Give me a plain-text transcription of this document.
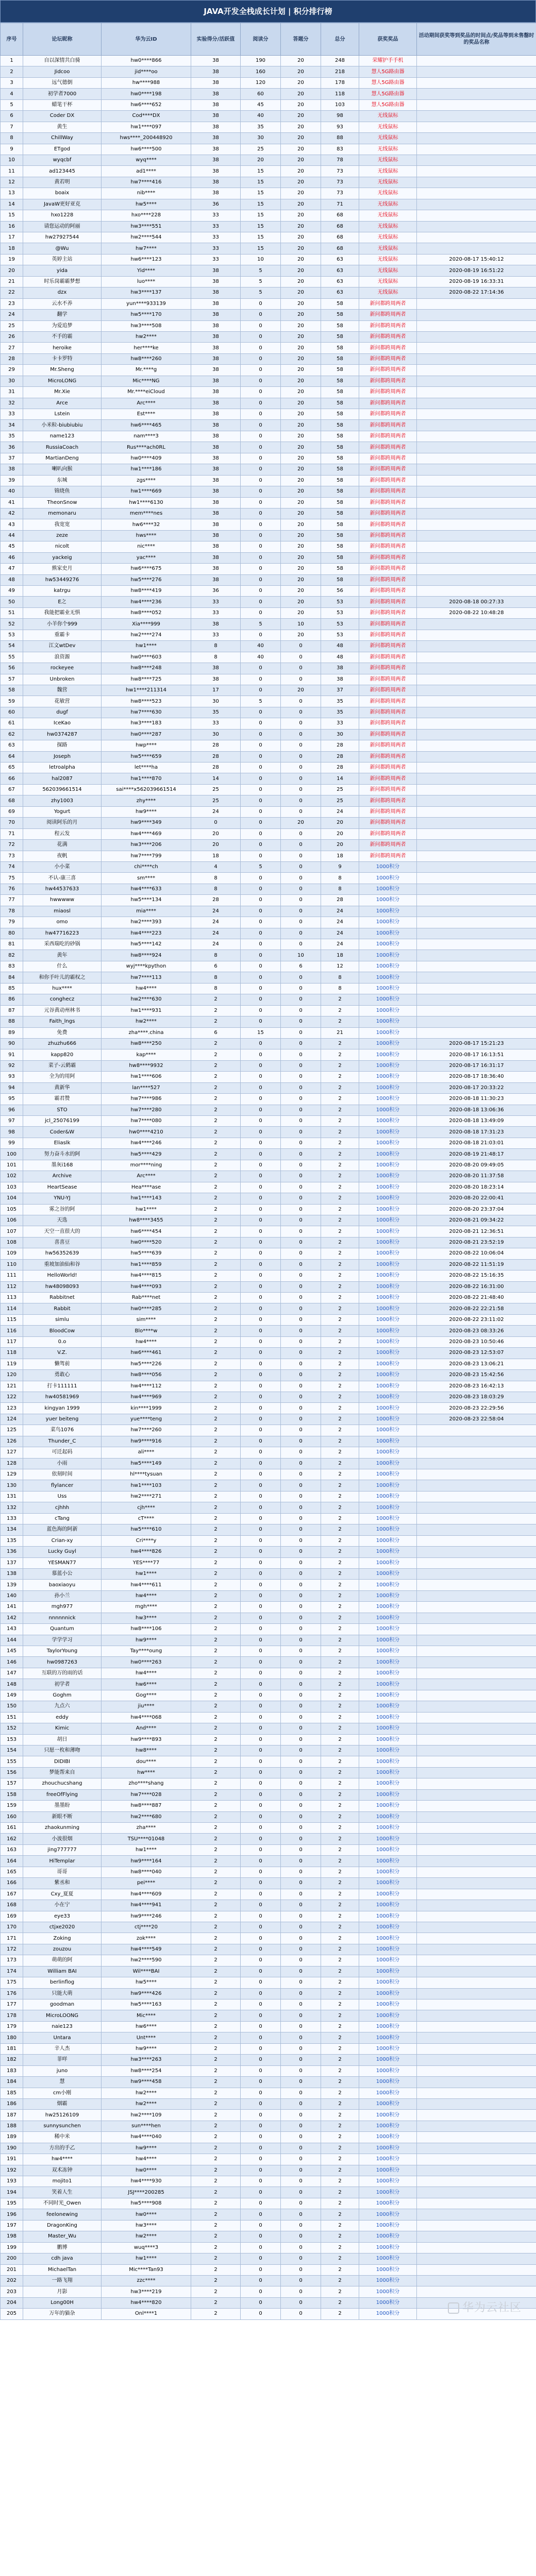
JAVA开发全栈成长计划 | 积分排行榜
序号	论坛昵称	华为云ID	实验得分/活跃值	阅读分	答题分	总分	获奖奖品	活动期间获奖等到奖品的时间点/奖品等到未售罄时的奖品名称
1	自以深情共白骑	hw0****866	38	190	20	248	荣耀护手手机	
2	Jidcoo	jid****oo	38	160	20	218	慧人5G路由器	
3	远气德倒	hw****988	38	120	20	178	慧人5G路由器	
4	初学者7000	hw0****198	38	60	20	118	慧人5G路由器	
5	蜡笔干杯	hw6****652	38	45	20	103	慧人5G路由器	
6	Coder DX	Cod****DX	38	40	20	98	无线鼠标	
7	黄生	hw1****097	38	35	20	93	无线鼠标	
8	ChillWay	hws****_200448920	38	30	20	88	无线鼠标	
9	ETgod	hw6****500	38	25	20	83	无线鼠标	
10	wyqcbf	wyq****	38	20	20	78	无线鼠标	
11	ad123445	ad1****	38	15	20	73	无线鼠标	
12	黄若明	hw7****416	38	15	20	73	无线鼠标	
13	boaix	nib****	38	15	20	73	无线鼠标	
14	JavaW更好亚克	hw5****	36	15	20	71	无线鼠标	
15	hxo1228	hxo****228	33	15	20	68	无线鼠标	
16	请您运动的阿丽	hw3****551	33	15	20	68	无线鼠标	
17	hw27927544	hw2****544	33	15	20	68	无线鼠标	
18	@Wu	hw7****	33	15	20	68	无线鼠标	
19	英婷主站	hw6****123	33	10	20	63	无线鼠标	2020-08-17 15:40:12
20	yida	Yid****	38	5	20	63	无线鼠标	2020-08-19 16:51:22
21	时乐岗霸霸梦想	luo****	38	5	20	63	无线鼠标	2020-08-19 16:33:31
22	dzx	hw3****137	38	5	20	63	无线鼠标	2020-08-22 17:14:36
23	云水不养	yun****933139	38	0	20	58	新问都跨周两者	
24	翻学	hw5****170	38	0	20	58	新问都跨周两者	
25	为爱追梦	hw3****508	38	0	20	58	新问都跨周两者	
26	不手的霸	hw2****	38	0	20	58	新问都跨周两者	
27	heroike	her****ke	38	0	20	58	新问都跨周两者	
28	卡卡罗特	hw8****260	38	0	20	58	新问都跨周两者	
29	Mr.Sheng	Mr.****g	38	0	20	58	新问都跨周两者	
30	MicroLONG	Mic****NG	38	0	20	58	新问都跨周两者	
31	Mr.Xie	Mr.****eiCloud	38	0	20	58	新问都跨周两者	
32	Arce	Arc****	38	0	20	58	新问都跨周两者	
33	Lstein	Est****	38	0	20	58	新问都跨周两者	
34	小米粒-biubiubiu	hw6****465	38	0	20	58	新问都跨周两者	
35	name123	nam****3	38	0	20	58	新问都跨周两者	
36	RussiaCoach	Rus****ach0RL	38	0	20	58	新问都跨周两者	
37	MartianDeng	hw0****409	38	0	20	58	新问都跨周两者	
38	喇叭向猴	hw1****186	38	0	20	58	新问都跨周两者	
39	东城	zgs****	38	0	20	58	新问都跨周两者	
40	锦烧鱼	hw1****669	38	0	20	58	新问都跨周两者	
41	TheonSnow	hw1****6130	38	0	20	58	新问都跨周两者	
42	memonaru	mem****nes	38	0	20	58	新问都跨周两者	
43	我宽宽	hw6****32	38	0	20	58	新问都跨周两者	
44	zeze	hws****	38	0	20	58	新问都跨周两者	
45	nicolt	nic****	38	0	20	58	新问都跨周两者	
46	yackeig	yac****	38	0	20	58	新问都跨周两者	
47	熊家史月	hw6****675	38	0	20	58	新问都跨周两者	
48	hw53449276	hw5****276	38	0	20	58	新问都跨周两者	
49	katrgu	hw8****419	36	0	20	56	新问都跨周两者	
50	E之	hw4****236	33	0	20	53	新问都跨周两者	2020-08-18 00:27:33
51	我能把霸业无惧	hw8****052	33	0	20	53	新问都跨周两者	2020-08-22 10:48:28
52	小羊你个999	Xia****999	38	5	10	53	新问都跨周两者	
53	重霸卡	hw2****274	33	0	20	53	新问都跨周两者	
54	江文wtDev	hw1****	8	40	0	48	新问都跨周两者	
55	浪资源	hw0****603	8	40	0	48	新问都跨周两者	
56	rockeyee	hw8****248	38	0	0	38	新问都跨周两者	
57	Unbroken	hw8****725	38	0	0	38	新问都跨周两者	
58	魏营	hw1****211314	17	0	20	37	新问都跨周两者	
59	花敏营	hw8****523	30	5	0	35	新问都跨周两者	
60	dugf	hw7****630	35	0	0	35	新问都跨周两者	
61	IceKao	hw3****183	33	0	0	33	新问都跨周两者	
62	hw0374287	hw0****287	30	0	0	30	新问都跨周两者	
63	探路	hwp****	28	0	0	28	新问都跨周两者	
64	Joseph	hw5****659	28	0	0	28	新问都跨周两者	
65	letroalpha	let****ha	28	0	0	28	新问都跨周两者	
66	hal2087	hw1****870	14	0	0	14	新问都跨周两者	
67	562039661514	sai****x562039661514	25	0	0	25	新问都跨周两者	
68	zhy1003	zhy****	25	0	0	25	新问都跨周两者	
69	Yogurt	hw9****	24	0	0	24	新问都跨周两者	
70	阅读阿乐的月	hw9****349	0	0	20	20	新问都跨周两者	
71	程云发	hw4****469	20	0	0	20	新问都跨周两者	
72	花满	hw3****206	20	0	0	20	新问都跨周两者	
73	夜帆	hw7****799	18	0	0	18	新问都跨周两者	
74	小小菜	chi****ch	4	5	0	9	1000积分	
75	不认-康三喜	sm****	8	0	0	8	1000积分	
76	hw44537633	hw4****633	8	0	0	8	1000积分	
77	hwwwww	hw5****134	28	0	0	28	1000积分	
78	miaosl	mia****	24	0	0	24	1000积分	
79	omo	hw2****393	24	0	0	24	1000积分	
80	hw47716223	hw4****223	24	0	0	24	1000积分	
81	采西瑞吃的砂锅	hw5****142	24	0	0	24	1000积分	
82	黄年	hw8****924	8	0	10	18	1000积分	
83	什么	wyj****kpython	6	0	6	12	1000积分	
84	和你手叶儿的霸权之	hw7****113	8	0	0	8	1000积分	
85	hux****	hw4****	8	0	0	8	1000积分	
86	conghecz	hw2****630	2	0	0	2	1000积分	
87	元谷黄动州林书	hw1****931	2	0	0	2	1000积分	
88	Faith_lngs	hw2****	2	0	0	2	1000积分	
89	免费	zha****.china	6	15	0	21	1000积分	
90	zhuzhu666	hw8****250	2	0	0	2	1000积分	2020-08-17 15:21:23
91	kapp820	kap****	2	0	0	2	1000积分	2020-08-17 16:13:51
92	菜子-云鹤霸	hw8****9932	2	0	0	2	1000积分	2020-08-17 16:31:17
93	全为的用阿	hw1****606	2	0	0	2	1000积分	2020-08-17 18:36:40
94	黄新华	lan****527	2	0	0	2	1000积分	2020-08-17 20:33:22
95	霸君赞	hw7****986	2	0	0	2	1000积分	2020-08-18 11:30:23
96	STO	hw7****280	2	0	0	2	1000积分	2020-08-18 13:06:36
97	jcl_25076199	hw7****080	2	0	0	2	1000积分	2020-08-18 13:49:09
98	Coder&W	hw0****4210	2	0	0	2	1000积分	2020-08-18 17:31:23
99	Eliaslk	hw4****246	2	0	0	2	1000积分	2020-08-18 21:03:01
100	努力奋斗水的阿	hw5****429	2	0	0	2	1000积分	2020-08-19 21:48:17
101	墨灰i168	mor****ning	2	0	0	2	1000积分	2020-08-20 09:49:05
102	Archive	Arc****	2	0	0	2	1000积分	2020-08-20 11:37:58
103	HeartSease	Hea****ase	2	0	0	2	1000积分	2020-08-20 18:23:14
104	YNU-YJ	hw1****143	2	0	0	2	1000积分	2020-08-20 22:00:41
105	雾之谷的阿	hw1****	2	0	0	2	1000积分	2020-08-20 23:37:04
106	天选	hw8****3455	2	0	0	2	1000积分	2020-08-21 09:34:22
107	天空一直很大的	hw6****454	2	0	0	2	1000积分	2020-08-21 12:36:51
108	喜喜豆	hw0****520	2	0	0	2	1000积分	2020-08-21 23:52:19
109	hw56352639	hw5****639	2	0	0	2	1000积分	2020-08-22 10:06:04
110	重坡加油仙和谷	hw1****859	2	0	0	2	1000积分	2020-08-22 11:51:19
111	HelloWorld!	hw4****815	2	0	0	2	1000积分	2020-08-22 15:16:35
112	hw48098093	hw4****093	2	0	0	2	1000积分	2020-08-22 16:31:00
113	Rabbitnet	Rab****net	2	0	0	2	1000积分	2020-08-22 21:48:40
114	Rabbit	hw0****285	2	0	0	2	1000积分	2020-08-22 22:21:58
115	simlu	sim****	2	0	0	2	1000积分	2020-08-22 23:11:02
116	BloodCow	Blo****w	2	0	0	2	1000积分	2020-08-23 08:33:26
117	0.o	hw4****	2	0	0	2	1000积分	2020-08-23 10:50:46
118	V.Z.	hw6****461	2	0	0	2	1000积分	2020-08-23 12:53:07
119	懒驾前	hw5****226	2	0	0	2	1000积分	2020-08-23 13:06:21
120	勇敢心	hw8****056	2	0	0	2	1000积分	2020-08-23 15:42:56
121	打卡111111	hw4****112	2	0	0	2	1000积分	2020-08-23 16:42:13
122	hw40581969	hw4****969	2	0	0	2	1000积分	2020-08-23 18:03:29
123	kingyan 1999	kin****1999	2	0	0	2	1000积分	2020-08-23 22:29:56
124	yuer beiteng	yue****teng	2	0	0	2	1000积分	2020-08-23 22:58:04
125	菜鸟1076	hw7****260	2	0	0	2	1000积分	
126	Thunder_C	hw9****916	2	0	0	2	1000积分	
127	可迁起码	ali****	2	0	0	2	1000积分	
128	小雨	hw5****149	2	0	0	2	1000积分	
129	依刻时间	hl****tysuan	2	0	0	2	1000积分	
130	flylancer	hw1****103	2	0	0	2	1000积分	
131	Uss	hw2****271	2	0	0	2	1000积分	
132	cjhhh	cjh****	2	0	0	2	1000积分	
133	cTang	cT****	2	0	0	2	1000积分	
134	蓝色海的阿新	hw5****610	2	0	0	2	1000积分	
135	Crian-xy	Cri****y	2	0	0	2	1000积分	
136	Lucky Guyl	hw4****826	2	0	0	2	1000积分	
137	YESMAN77	YES****77	2	0	0	2	1000积分	
138	慕蓝小公	hw1****	2	0	0	2	1000积分	
139	baoxiaoyu	hw4****611	2	0	0	2	1000积分	
140	孙小兰	hw4****	2	0	0	2	1000积分	
141	mgh977	mgh****	2	0	0	2	1000积分	
142	nnnnnnick	hw3****	2	0	0	2	1000积分	
143	Quantum	hw8****106	2	0	0	2	1000积分	
144	学学学习	hw9****	2	0	0	2	1000积分	
145	TaylorYoung	Tay****oung	2	0	0	2	1000积分	
146	hw0987263	hw0****263	2	0	0	2	1000积分	
147	互联的万的雨的话	hw4****	2	0	0	2	1000积分	
148	初学者	hw6****	2	0	0	2	1000积分	
149	Goghm	Gog****	2	0	0	2	1000积分	
150	九点六	jiu****	2	0	0	2	1000积分	
151	eddy	hw4****068	2	0	0	2	1000积分	
152	Kimic	And****	2	0	0	2	1000积分	
153	胡日	hw9****893	2	0	0	2	1000积分	
154	只愿一枚和薄吻	hw8****	2	0	0	2	1000积分	
155	DIDIBI	dou****	2	0	0	2	1000积分	
156	梦能帮来自	hw****	2	0	0	2	1000积分	
157	zhouchucshang	zho****shang	2	0	0	2	1000积分	
158	freeOfFlying	hw7****028	2	0	0	2	1000积分	
159	墨墨盼	hw8****887	2	0	0	2	1000积分	
160	新眼不断	hw2****680	2	0	0	2	1000积分	
161	zhaokunming	zha****	2	0	0	2	1000积分	
162	小波很烟	TSU****01048	2	0	0	2	1000积分	
163	jing777777	hw1****	2	0	0	2	1000积分	
164	HiTemplar	hw9****164	2	0	0	2	1000积分	
165	哥哥	hw8****040	2	0	0	2	1000积分	
166	紫丞和	pei****	2	0	0	2	1000积分	
167	Cxy_夏夏	hw4****609	2	0	0	2	1000积分	
168	小在宁	hw4****941	2	0	0	2	1000积分	
169	eye33	hw9****246	2	0	0	2	1000积分	
170	ctjxe2020	ctj****20	2	0	0	2	1000积分	
171	Zoking	zok****	2	0	0	2	1000积分	
172	zouzou	hw4****549	2	0	0	2	1000积分	
173	萌萌的阿	hw2****590	2	0	0	2	1000积分	
174	William BAI	Wil****BAI	2	0	0	2	1000积分	
175	berlinflog	hw5****	2	0	0	2	1000积分	
176	只能大萌	hw9****426	2	0	0	2	1000积分	
177	goodman	hw5****163	2	0	0	2	1000积分	
178	MicroLOONG	Mic****	2	0	0	2	1000积分	
179	naie123	hw6****	2	0	0	2	1000积分	
180	Untara	Unt****	2	0	0	2	1000积分	
181	辛人杰	hw9****	2	0	0	2	1000积分	
182	菲咩	hw3****263	2	0	0	2	1000积分	
183	juno	hw8****254	2	0	0	2	1000积分	
184	慧	hw9****458	2	0	0	2	1000积分	
185	cm小刚	hw2****	2	0	0	2	1000积分	
186	烟霸	hw2****	2	0	0	2	1000积分	
187	hw25126109	hw2****109	2	0	0	2	1000积分	
188	sunnysunchen	sun****hen	2	0	0	2	1000积分	
189	稀中米	hw4****040	2	0	0	2	1000积分	
190	方出的手乙	hw9****	2	0	0	2	1000积分	
191	hw4****	hw4****	2	0	0	2	1000积分	
192	双术冻钟	hw0****	2	0	0	2	1000积分	
193	mojito1	hw4****930	2	0	0	2	1000积分	
194	笑着人生	JSJ****200285	2	0	0	2	1000积分	
195	不同时光_Owen	hw5****908	2	0	0	2	1000积分	
196	feelonewing	hw0****	2	0	0	2	1000积分	
197	DragonKing	hw3****	2	0	0	2	1000积分	
198	Master_Wu	hw2****	2	0	0	2	1000积分	
199	鹏博	wuq****3	2	0	0	2	1000积分	
200	cdh java	hw1****	2	0	0	2	1000积分	
201	MichaelTan	Mic****Tan93	2	0	0	2	1000积分	
202	一路飞翔	zzc****	2	0	0	2	1000积分	
203	月影	hw3****219	2	0	0	2	1000积分	
204	Long00H	hw4****820	2	0	0	2	1000积分	
205	万年的猫杂	Onl****1	2	0	0	2	1000积分		华为云社区
